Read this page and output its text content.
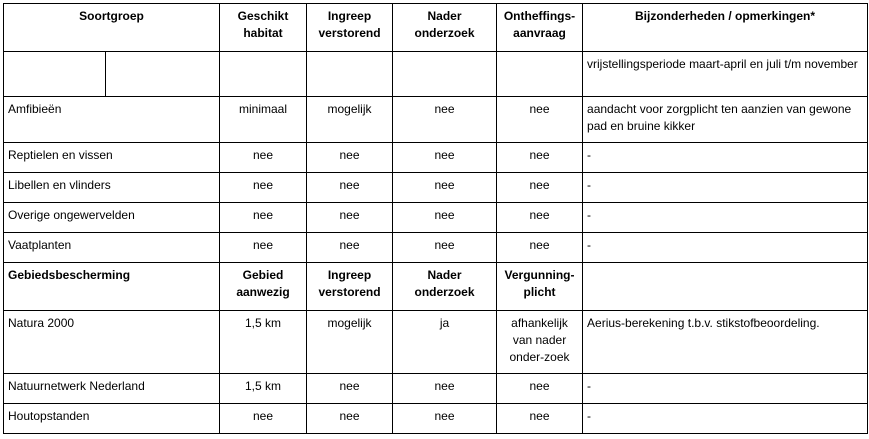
Soortgroep		Geschikt habitat	Ingreep verstorend	Nader onderzoek	Ontheffings-aanvraag	Bijzonderheden / opmerkingen*
						vrijstellingsperiode maart-april en juli t/m november
Amfibieën		minimaal	mogelijk	nee	nee	aandacht voor zorgplicht ten aanzien van gewone pad en bruine kikker
Reptielen en vissen		nee	nee	nee	nee	-
Libellen en vlinders		nee	nee	nee	nee	-
Overige ongewervelden		nee	nee	nee	nee	-
Vaatplanten		nee	nee	nee	nee	-
Gebiedsbescherming		Gebied aanwezig	Ingreep verstorend	Nader onderzoek	Vergunning-plicht	
Natura 2000		1,5 km	mogelijk	ja	afhankelijk van nader onder-zoek	Aerius-berekening t.b.v. stikstofbeoordeling.
Natuurnetwerk Nederland		1,5 km	nee	nee	nee	-
Houtopstanden		nee	nee	nee	nee	-
